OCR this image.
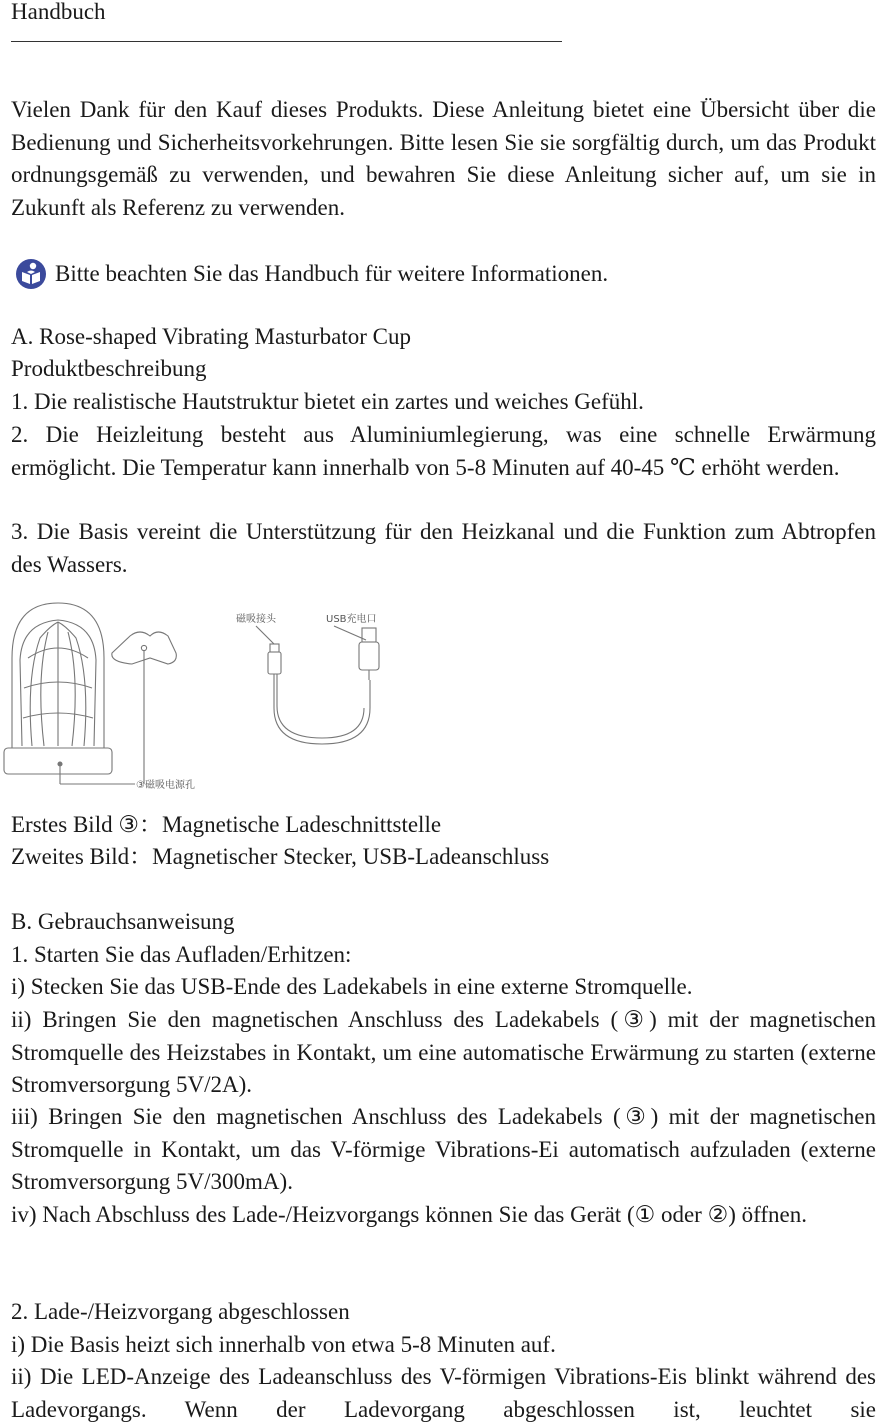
Handbuch

Vielen Dank für den Kauf dieses Produkts. Diese Anleitung bietet eine Übersicht über die Bedienung und Sicherheitsvorkehrungen. Bitte lesen Sie sie sorgfältig durch, um das Produkt ordnungsgemäß zu verwenden, und bewahren Sie diese Anleitung sicher auf, um sie in Zukunft als Referenz zu verwenden.

Bitte beachten Sie das Handbuch für weitere Informationen.

A. Rose-shaped Vibrating Masturbator Cup

Produktbeschreibung

1. Die realistische Hautstruktur bietet ein zartes und weiches Gefühl.

2. Die Heizleitung besteht aus Aluminiumlegierung, was eine schnelle Erwärmung ermöglicht. Die Temperatur kann innerhalb von 5-8 Minuten auf 40-45 ℃ erhöht werden.

3. Die Basis vereint die Unterstützung für den Heizkanal und die Funktion zum Abtropfen des Wassers.

③磁吸电源孔
磁吸接头	USB充电口

Erstes Bild ③：Magnetische Ladeschnittstelle

Zweites Bild：Magnetischer Stecker, USB-Ladeanschluss

B. Gebrauchsanweisung

1. Starten Sie das Aufladen/Erhitzen:

i) Stecken Sie das USB-Ende des Ladekabels in eine externe Stromquelle.

ii) Bringen Sie den magnetischen Anschluss des Ladekabels (③) mit der magnetischen Stromquelle des Heizstabes in Kontakt, um eine automatische Erwärmung zu starten (externe Stromversorgung 5V/2A).

iii) Bringen Sie den magnetischen Anschluss des Ladekabels (③) mit der magnetischen Stromquelle in Kontakt, um das V-förmige Vibrations-Ei automatisch aufzuladen (externe Stromversorgung 5V/300mA).

iv) Nach Abschluss des Lade-/Heizvorgangs können Sie das Gerät (① oder ②) öffnen.

2. Lade-/Heizvorgang abgeschlossen

i) Die Basis heizt sich innerhalb von etwa 5-8 Minuten auf.

ii) Die LED-Anzeige des Ladeanschluss des V-förmigen Vibrations-Eis blinkt während des Ladevorgangs. Wenn der Ladevorgang abgeschlossen ist, leuchtet sie
